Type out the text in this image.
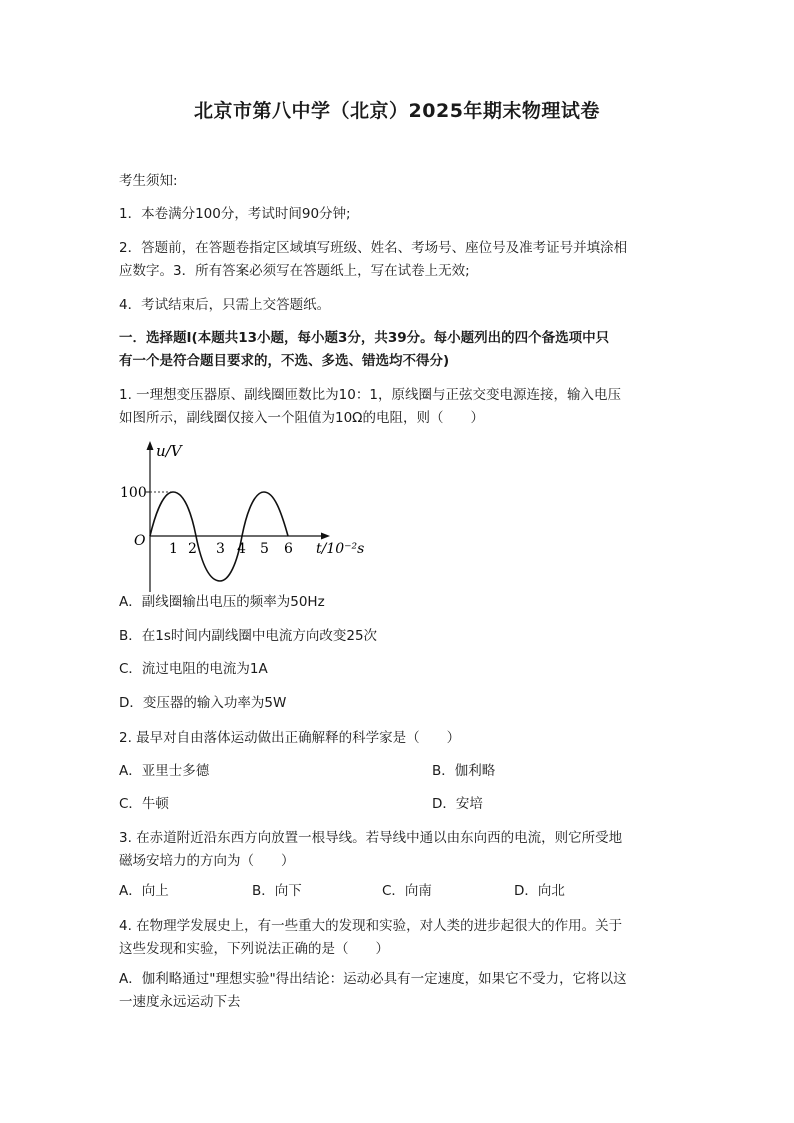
北京市第八中学（北京）2025年期末物理试卷
考生须知:
1．本卷满分100分，考试时间90分钟;
2．答题前，在答题卷指定区域填写班级、姓名、考场号、座位号及准考证号并填涂相
应数字。3．所有答案必须写在答题纸上，写在试卷上无效;
4．考试结束后，只需上交答题纸。
一．选择题Ⅰ(本题共13小题，每小题3分，共39分。每小题列出的四个备选项中只
有一个是符合题目要求的，不选、多选、错选均不得分)
1. 一理想变压器原、副线圈匝数比为10：1，原线圈与正弦交变电源连接，输入电压
如图所示，副线圈仅接入一个阻值为10Ω的电阻，则（　　）
u/V
100
O 1 2 3 4 5 6 t/10⁻²s
A．副线圈输出电压的频率为50Hz
B．在1s时间内副线圈中电流方向改变25次
C．流过电阻的电流为1A
D．变压器的输入功率为5W
2. 最早对自由落体运动做出正确解释的科学家是（　　）
A．亚里士多德	B．伽利略
C．牛顿	D．安培
3. 在赤道附近沿东西方向放置一根导线。若导线中通以由东向西的电流，则它所受地
磁场安培力的方向为（　　）
A．向上	B．向下	C．向南	D．向北
4. 在物理学发展史上，有一些重大的发现和实验，对人类的进步起很大的作用。关于
这些发现和实验，下列说法正确的是（　　）
A．伽利略通过"理想实验"得出结论：运动必具有一定速度，如果它不受力，它将以这
一速度永远运动下去
